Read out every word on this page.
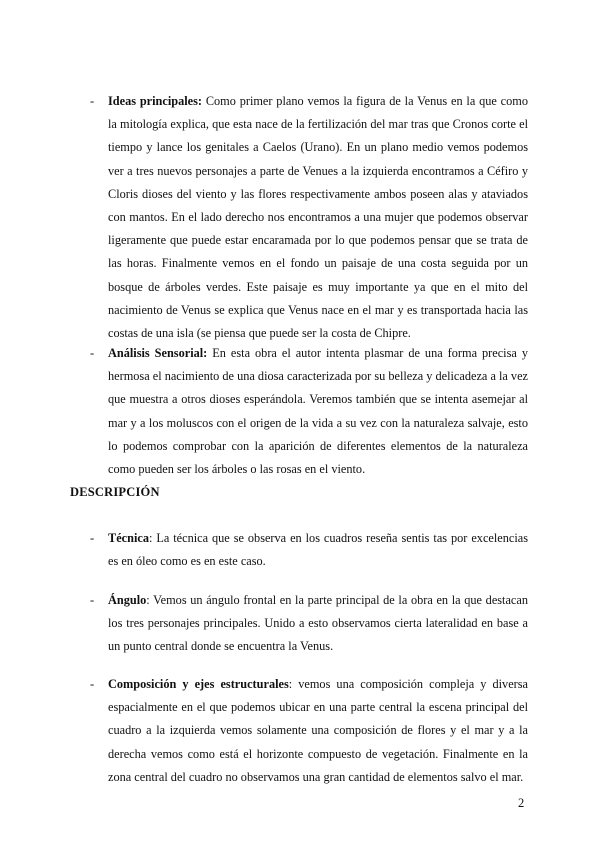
- Ideas principales: Como primer plano vemos la figura de la Venus en la que como la mitología explica, que esta nace de la fertilización del mar tras que Cronos corte el tiempo y lance los genitales a Caelos (Urano). En un plano medio vemos podemos ver a tres nuevos personajes a parte de Venues a la izquierda encontramos a Céfiro y Cloris dioses del viento y las flores respectivamente ambos poseen alas y ataviados con mantos. En el lado derecho nos encontramos a una mujer que podemos observar ligeramente que puede estar encaramada por lo que podemos pensar que se trata de las horas. Finalmente vemos en el fondo un paisaje de una costa seguida por un bosque de árboles verdes. Este paisaje es muy importante ya que en el mito del nacimiento de Venus se explica que Venus nace en el mar y es transportada hacia las costas de una isla (se piensa que puede ser la costa de Chipre.

- Análisis Sensorial: En esta obra el autor intenta plasmar de una forma precisa y hermosa el nacimiento de una diosa caracterizada por su belleza y delicadeza a la vez que muestra a otros dioses esperándola. Veremos también que se intenta asemejar al mar y a los moluscos con el origen de la vida a su vez con la naturaleza salvaje, esto lo podemos comprobar con la aparición de diferentes elementos de la naturaleza como pueden ser los árboles o las rosas en el viento.

DESCRIPCIÓN
- Técnica: La técnica que se observa en los cuadros reseña sentis tas por excelencias es en óleo como es en este caso.

- Ángulo: Vemos un ángulo frontal en la parte principal de la obra en la que destacan los tres personajes principales. Unido a esto observamos cierta lateralidad en base a un punto central donde se encuentra la Venus.

- Composición y ejes estructurales: vemos una composición compleja y diversa espacialmente en el que podemos ubicar en una parte central la escena principal del cuadro a la izquierda vemos solamente una composición de flores y el mar y a la derecha vemos como está el horizonte compuesto de vegetación. Finalmente en la zona central del cuadro no observamos una gran cantidad de elementos salvo el mar.

2
